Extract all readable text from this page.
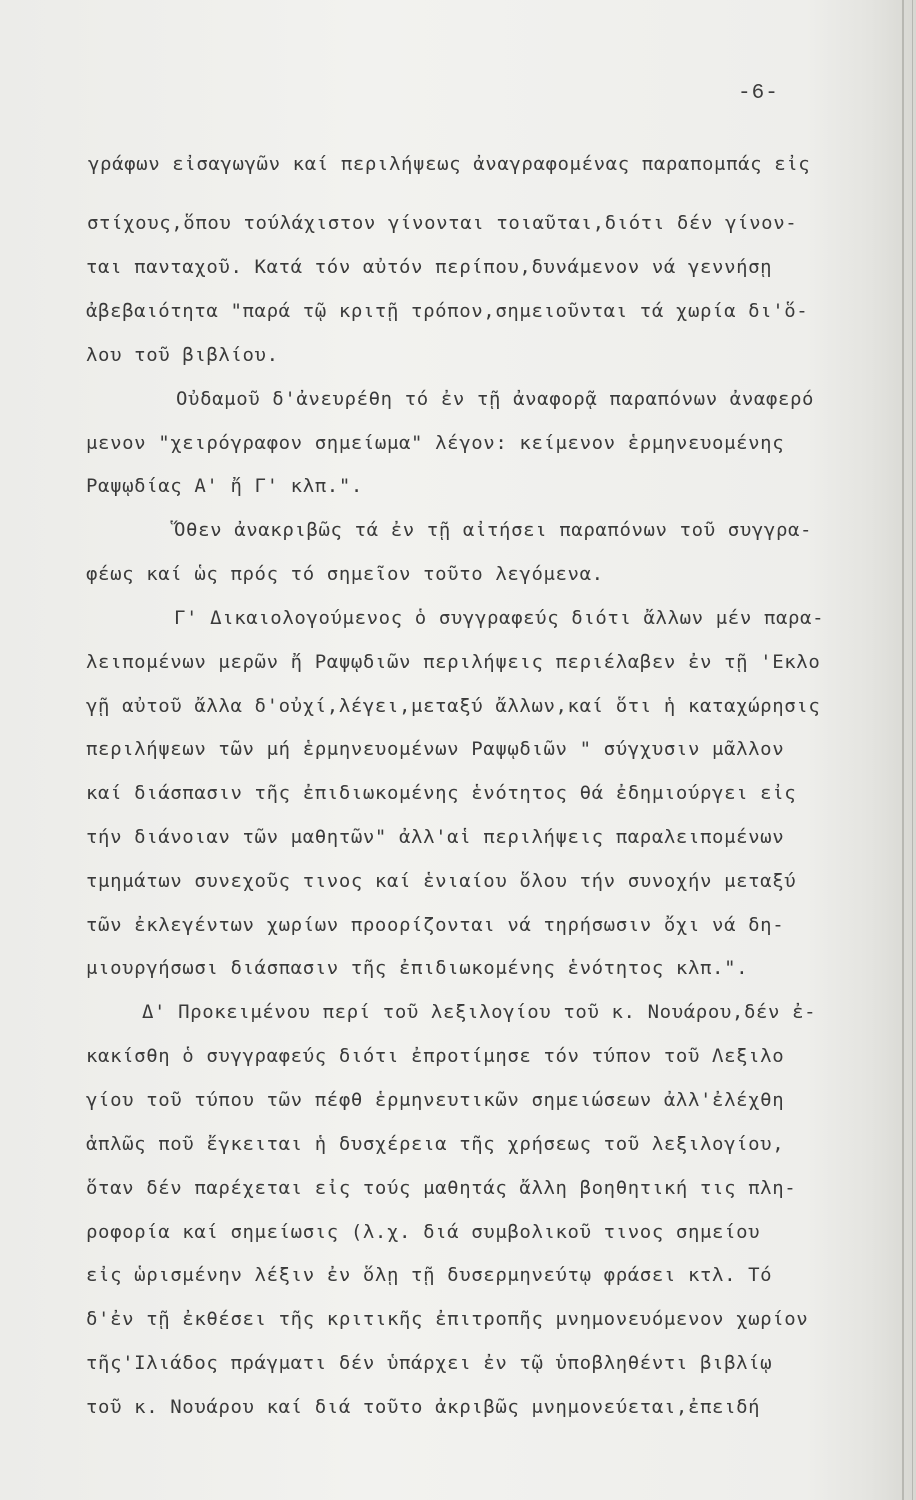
-6-
γράφων εἰσαγωγῶν καί περιλήψεως ἀναγραφομένας παραπομπάς εἰς
στίχους,ὅπου τούλάχιστον γίνονται τοιαῦται,διότι δέν γίνον-
ται πανταχοῦ. Κατά τόν αὐτόν περίπου,δυνάμενον νά γεννήσῃ
ἀβεβαιότητα "παρά τῷ κριτῇ τρόπον,σημειοῦνται τά χωρία δι'ὅ-
λου τοῦ βιβλίου.
Οὐδαμοῦ δ'ἀνευρέθη τό ἐν τῇ ἀναφορᾷ παραπόνων ἀναφερό
μενον "χειρόγραφον σημείωμα" λέγον: κείμενον ἑρμηνευομένης
Ραψῳδίας Α' ἤ Γ' κλπ.".
Ὅθεν ἀνακριβῶς τά ἐν τῇ αἰτήσει παραπόνων τοῦ συγγρα-
φέως καί ὡς πρός τό σημεῖον τοῦτο λεγόμενα.
Γ' Δικαιολογούμενος ὁ συγγραφεύς διότι ἄλλων μέν παρα-
λειπομένων μερῶν ἤ Ραψῳδιῶν περιλήψεις περιέλαβεν ἐν τῇ 'Εκλο
γῇ αὐτοῦ ἄλλα δ'οὐχί,λέγει,μεταξύ ἄλλων,καί ὅτι ἡ καταχώρησις
περιλήψεων τῶν μή ἑρμηνευομένων Ραψῳδιῶν " σύγχυσιν μᾶλλον
καί διάσπασιν τῆς ἐπιδιωκομένης ἑνότητος θά ἐδημιούργει εἰς
τήν διάνοιαν τῶν μαθητῶν" ἀλλ'αἱ περιλήψεις παραλειπομένων
τμημάτων συνεχοῦς τινος καί ἑνιαίου ὅλου τήν συνοχήν μεταξύ
τῶν ἐκλεγέντων χωρίων προορίζονται νά τηρήσωσιν ὄχι νά δη-
μιουργήσωσι διάσπασιν τῆς ἐπιδιωκομένης ἑνότητος κλπ.".
Δ' Προκειμένου περί τοῦ λεξιλογίου τοῦ κ. Νουάρου,δέν ἐ-
κακίσθη ὁ συγγραφεύς διότι ἐπροτίμησε τόν τύπον τοῦ Λεξιλο
γίου τοῦ τύπου τῶν πέφθ ἑρμηνευτικῶν σημειώσεων ἀλλ'ἐλέχθη
ἁπλῶς ποῦ ἔγκειται ἡ δυσχέρεια τῆς χρήσεως τοῦ λεξιλογίου,
ὅταν δέν παρέχεται εἰς τούς μαθητάς ἄλλη βοηθητική τις πλη-
ροφορία καί σημείωσις (λ.χ. διά συμβολικοῦ τινος σημείου
εἰς ὡρισμένην λέξιν ἐν ὅλῃ τῇ δυσερμηνεύτῳ φράσει κτλ. Τό
δ'ἐν τῇ ἐκθέσει τῆς κριτικῆς ἐπιτροπῆς μνημονευόμενον χωρίον
τῆς'Ιλιάδος πράγματι δέν ὑπάρχει ἐν τῷ ὑποβληθέντι βιβλίῳ
τοῦ κ. Νουάρου καί διά τοῦτο ἀκριβῶς μνημονεύεται,ἐπειδή
